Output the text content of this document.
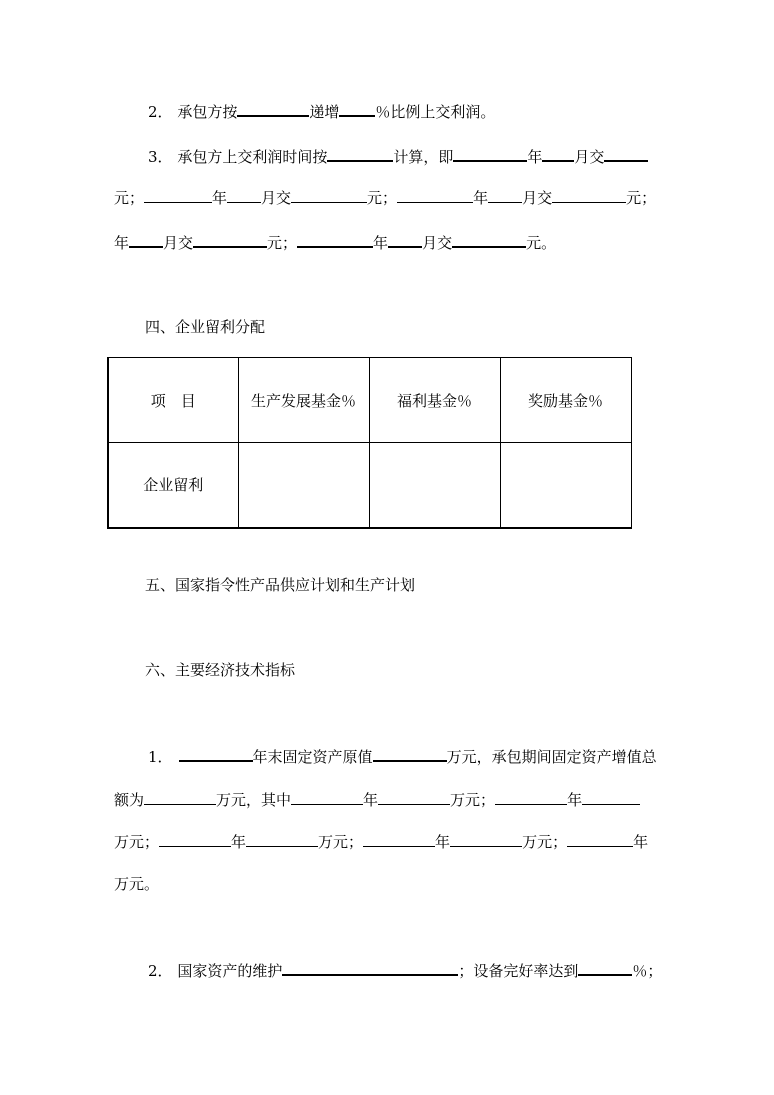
2． 承包方按	递增 ％比例上交利润。
3． 承包方上交利润时间按	计算，即	年 月交
元；	年 月交	元；	年 月交	元；
年 月交	元；	年 月交	元。
四、企业留利分配
项　目	生产发展基金％	福利基金％	奖励基金％
企业留利			
五、国家指令性产品供应计划和生产计划
六、主要经济技术指标
1．	年末固定资产原值	万元，承包期间固定资产增值总
额为	万元，其中	年	万元；	年
万元；	年	万元；	年	万元；	年
万元。
2． 国家资产的维护	；设备完好率达到	％；
